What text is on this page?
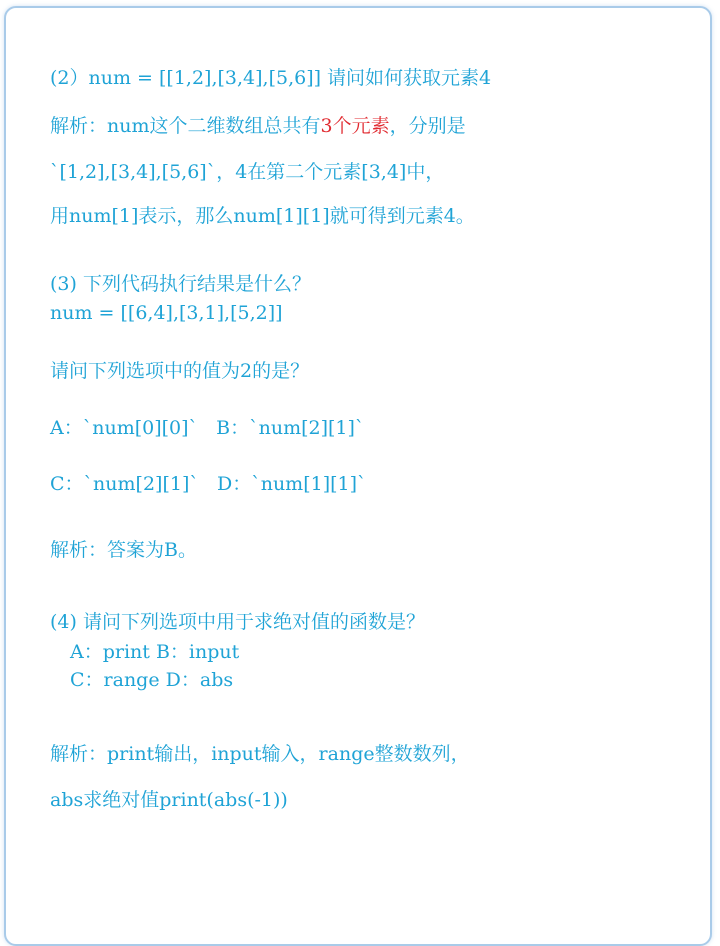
(2）num = [[1,2],[3,4],[5,6]] 请问如何获取元素4
解析：num这个二维数组总共有3个元素，分别是
`[1,2],[3,4],[5,6]`，4在第二个元素[3,4]中，
用num[1]表示，那么num[1][1]就可得到元素4。
(3) 下列代码执行结果是什么？
num = [[6,4],[3,1],[5,2]]
请问下列选项中的值为2的是？
A：`num[0][0]`   B：`num[2][1]`
C：`num[2][1]`   D：`num[1][1]`
解析：答案为B。
(4) 请问下列选项中用于求绝对值的函数是？
A：print B：input
C：range D：abs
解析：print输出，input输入，range整数数列，
abs求绝对值print(abs(-1))
